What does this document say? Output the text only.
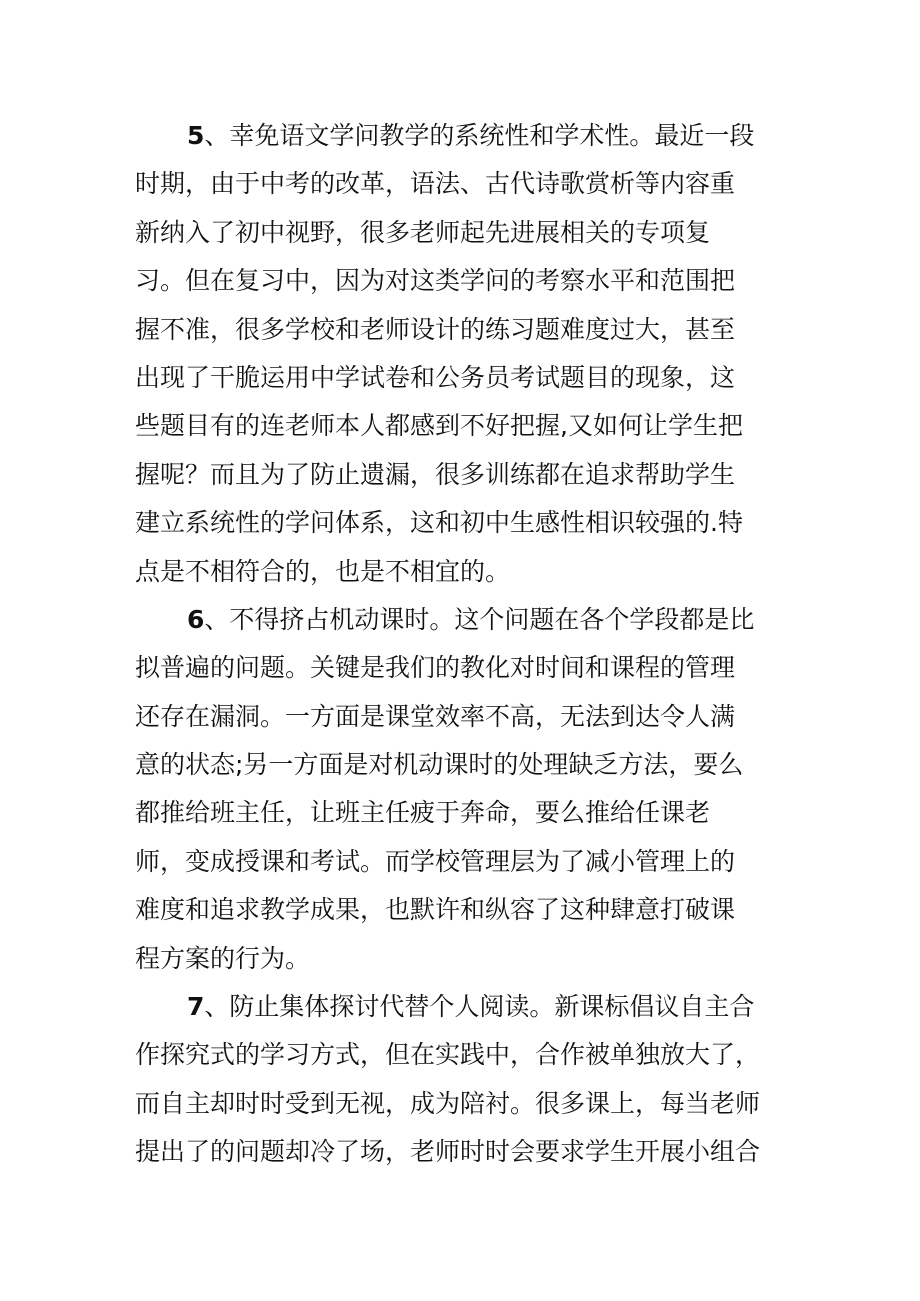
5、幸免语文学问教学的系统性和学术性。最近一段
时期，由于中考的改革，语法、古代诗歌赏析等内容重
新纳入了初中视野，很多老师起先进展相关的专项复
习。但在复习中，因为对这类学问的考察水平和范围把
握不准，很多学校和老师设计的练习题难度过大，甚至
出现了干脆运用中学试卷和公务员考试题目的现象，这
些题目有的连老师本人都感到不好把握,又如何让学生把
握呢？而且为了防止遗漏，很多训练都在追求帮助学生
建立系统性的学问体系，这和初中生感性相识较强的.特
点是不相符合的，也是不相宜的。
6、不得挤占机动课时。这个问题在各个学段都是比
拟普遍的问题。关键是我们的教化对时间和课程的管理
还存在漏洞。一方面是课堂效率不高，无法到达令人满
意的状态;另一方面是对机动课时的处理缺乏方法，要么
都推给班主任，让班主任疲于奔命，要么推给任课老
师，变成授课和考试。而学校管理层为了减小管理上的
难度和追求教学成果，也默许和纵容了这种肆意打破课
程方案的行为。
7、防止集体探讨代替个人阅读。新课标倡议自主合
作探究式的学习方式，但在实践中，合作被单独放大了，
而自主却时时受到无视，成为陪衬。很多课上，每当老师
提出了的问题却冷了场，老师时时会要求学生开展小组合
